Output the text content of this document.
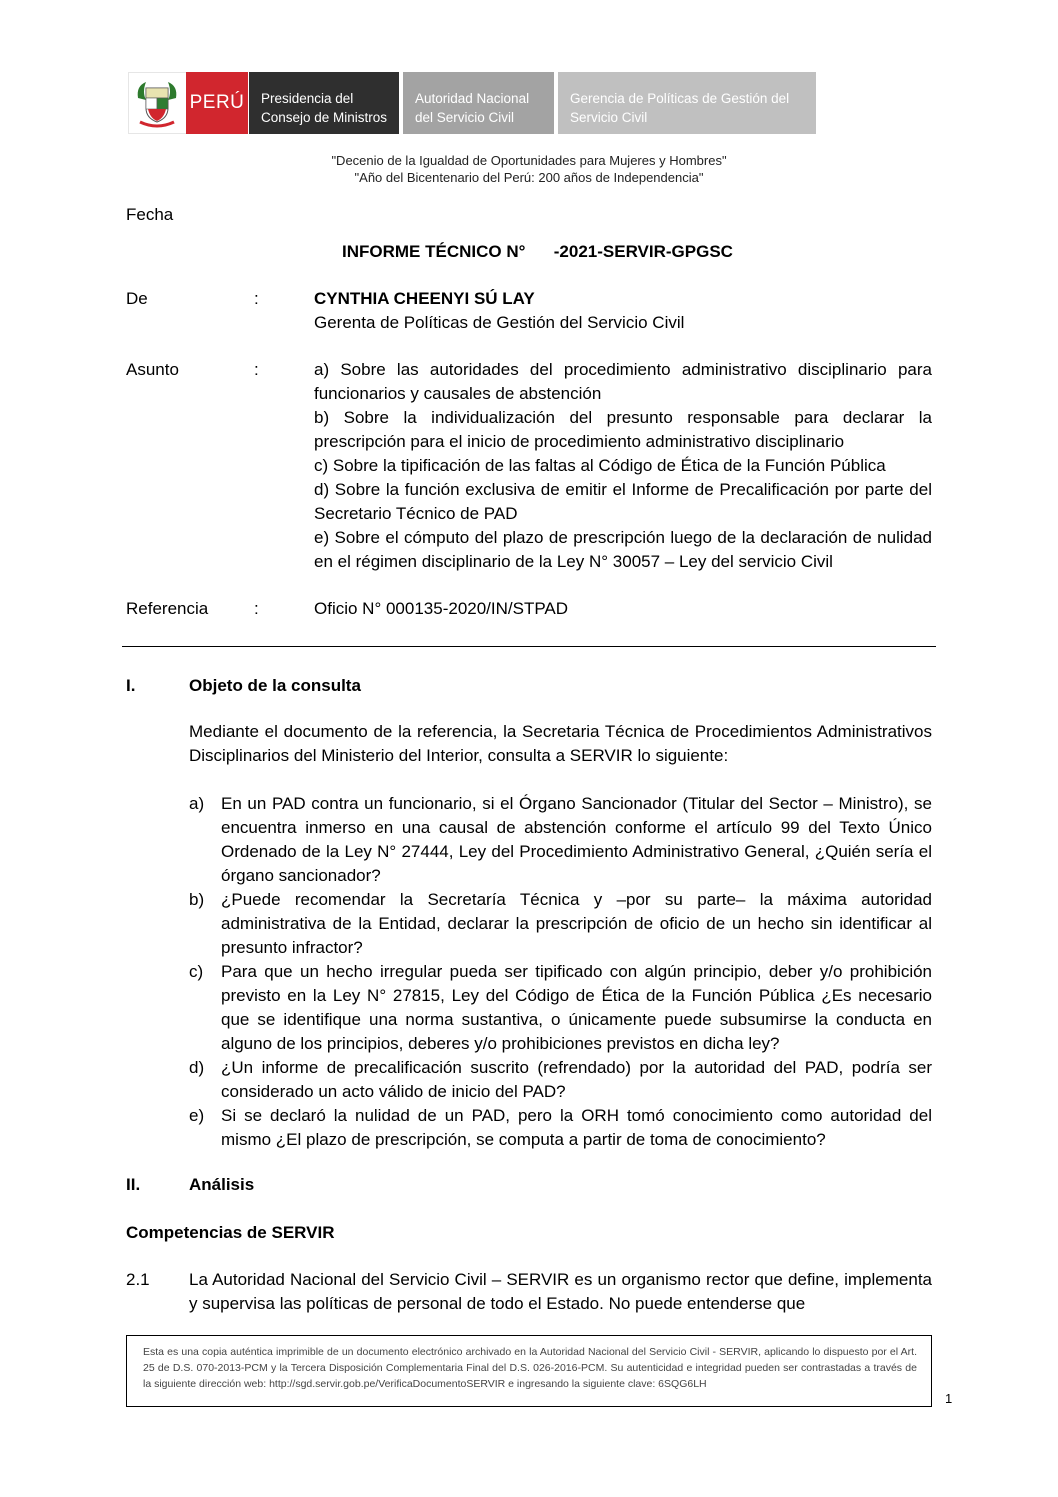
PERÚ Presidencia del
Consejo de Ministros
Autoridad Nacional
del Servicio Civil
Gerencia de Políticas de Gestión del
Servicio Civil
"Decenio de la Igualdad de Oportunidades para Mujeres y Hombres"
"Año del Bicentenario del Perú: 200 años de Independencia"
Fecha
INFORME TÉCNICO N°      -2021-SERVIR-GPGSC
De	:	CYNTHIA CHEENYI SÚ LAY
Gerenta de Políticas de Gestión del Servicio Civil
Asunto	:	a) Sobre las autoridades del procedimiento administrativo disciplinario para funcionarios y causales de abstención
b) Sobre la individualización del presunto responsable para declarar la prescripción para el inicio de procedimiento administrativo disciplinario
c) Sobre la tipificación de las faltas al Código de Ética de la Función Pública
d) Sobre la función exclusiva de emitir el Informe de Precalificación por parte del Secretario Técnico de PAD
e) Sobre el cómputo del plazo de prescripción luego de la declaración de nulidad en el régimen disciplinario de la Ley N° 30057 – Ley del servicio Civil
Referencia	:	Oficio N° 000135-2020/IN/STPAD
I.	Objeto de la consulta
Mediante el documento de la referencia, la Secretaria Técnica de Procedimientos Administrativos Disciplinarios del Ministerio del Interior, consulta a SERVIR lo siguiente:
a) En un PAD contra un funcionario, si el Órgano Sancionador (Titular del Sector – Ministro), se encuentra inmerso en una causal de abstención conforme el artículo 99 del Texto Único Ordenado de la Ley N° 27444, Ley del Procedimiento Administrativo General, ¿Quién sería el órgano sancionador?
b) ¿Puede recomendar la Secretaría Técnica y –por su parte– la máxima autoridad administrativa de la Entidad, declarar la prescripción de oficio de un hecho sin identificar al presunto infractor?
c) Para que un hecho irregular pueda ser tipificado con algún principio, deber y/o prohibición previsto en la Ley N° 27815, Ley del Código de Ética de la Función Pública ¿Es necesario que se identifique una norma sustantiva, o únicamente puede subsumirse la conducta en alguno de los principios, deberes y/o prohibiciones previstos en dicha ley?
d) ¿Un informe de precalificación suscrito (refrendado) por la autoridad del PAD, podría ser considerado un acto válido de inicio del PAD?
e) Si se declaró la nulidad de un PAD, pero la ORH tomó conocimiento como autoridad del mismo ¿El plazo de prescripción, se computa a partir de toma de conocimiento?
II.	Análisis
Competencias de SERVIR
2.1 La Autoridad Nacional del Servicio Civil – SERVIR es un organismo rector que define, implementa y supervisa las políticas de personal de todo el Estado. No puede entenderse que
Esta es una copia auténtica imprimible de un documento electrónico archivado en la Autoridad Nacional del Servicio Civil - SERVIR, aplicando lo dispuesto por el Art. 25 de D.S. 070-2013-PCM y la Tercera Disposición Complementaria Final del D.S. 026-2016-PCM. Su autenticidad e integridad pueden ser contrastadas a través de la siguiente dirección web: http://sgd.servir.gob.pe/VerificaDocumentoSERVIR e ingresando la siguiente clave: 6SQG6LH
1
